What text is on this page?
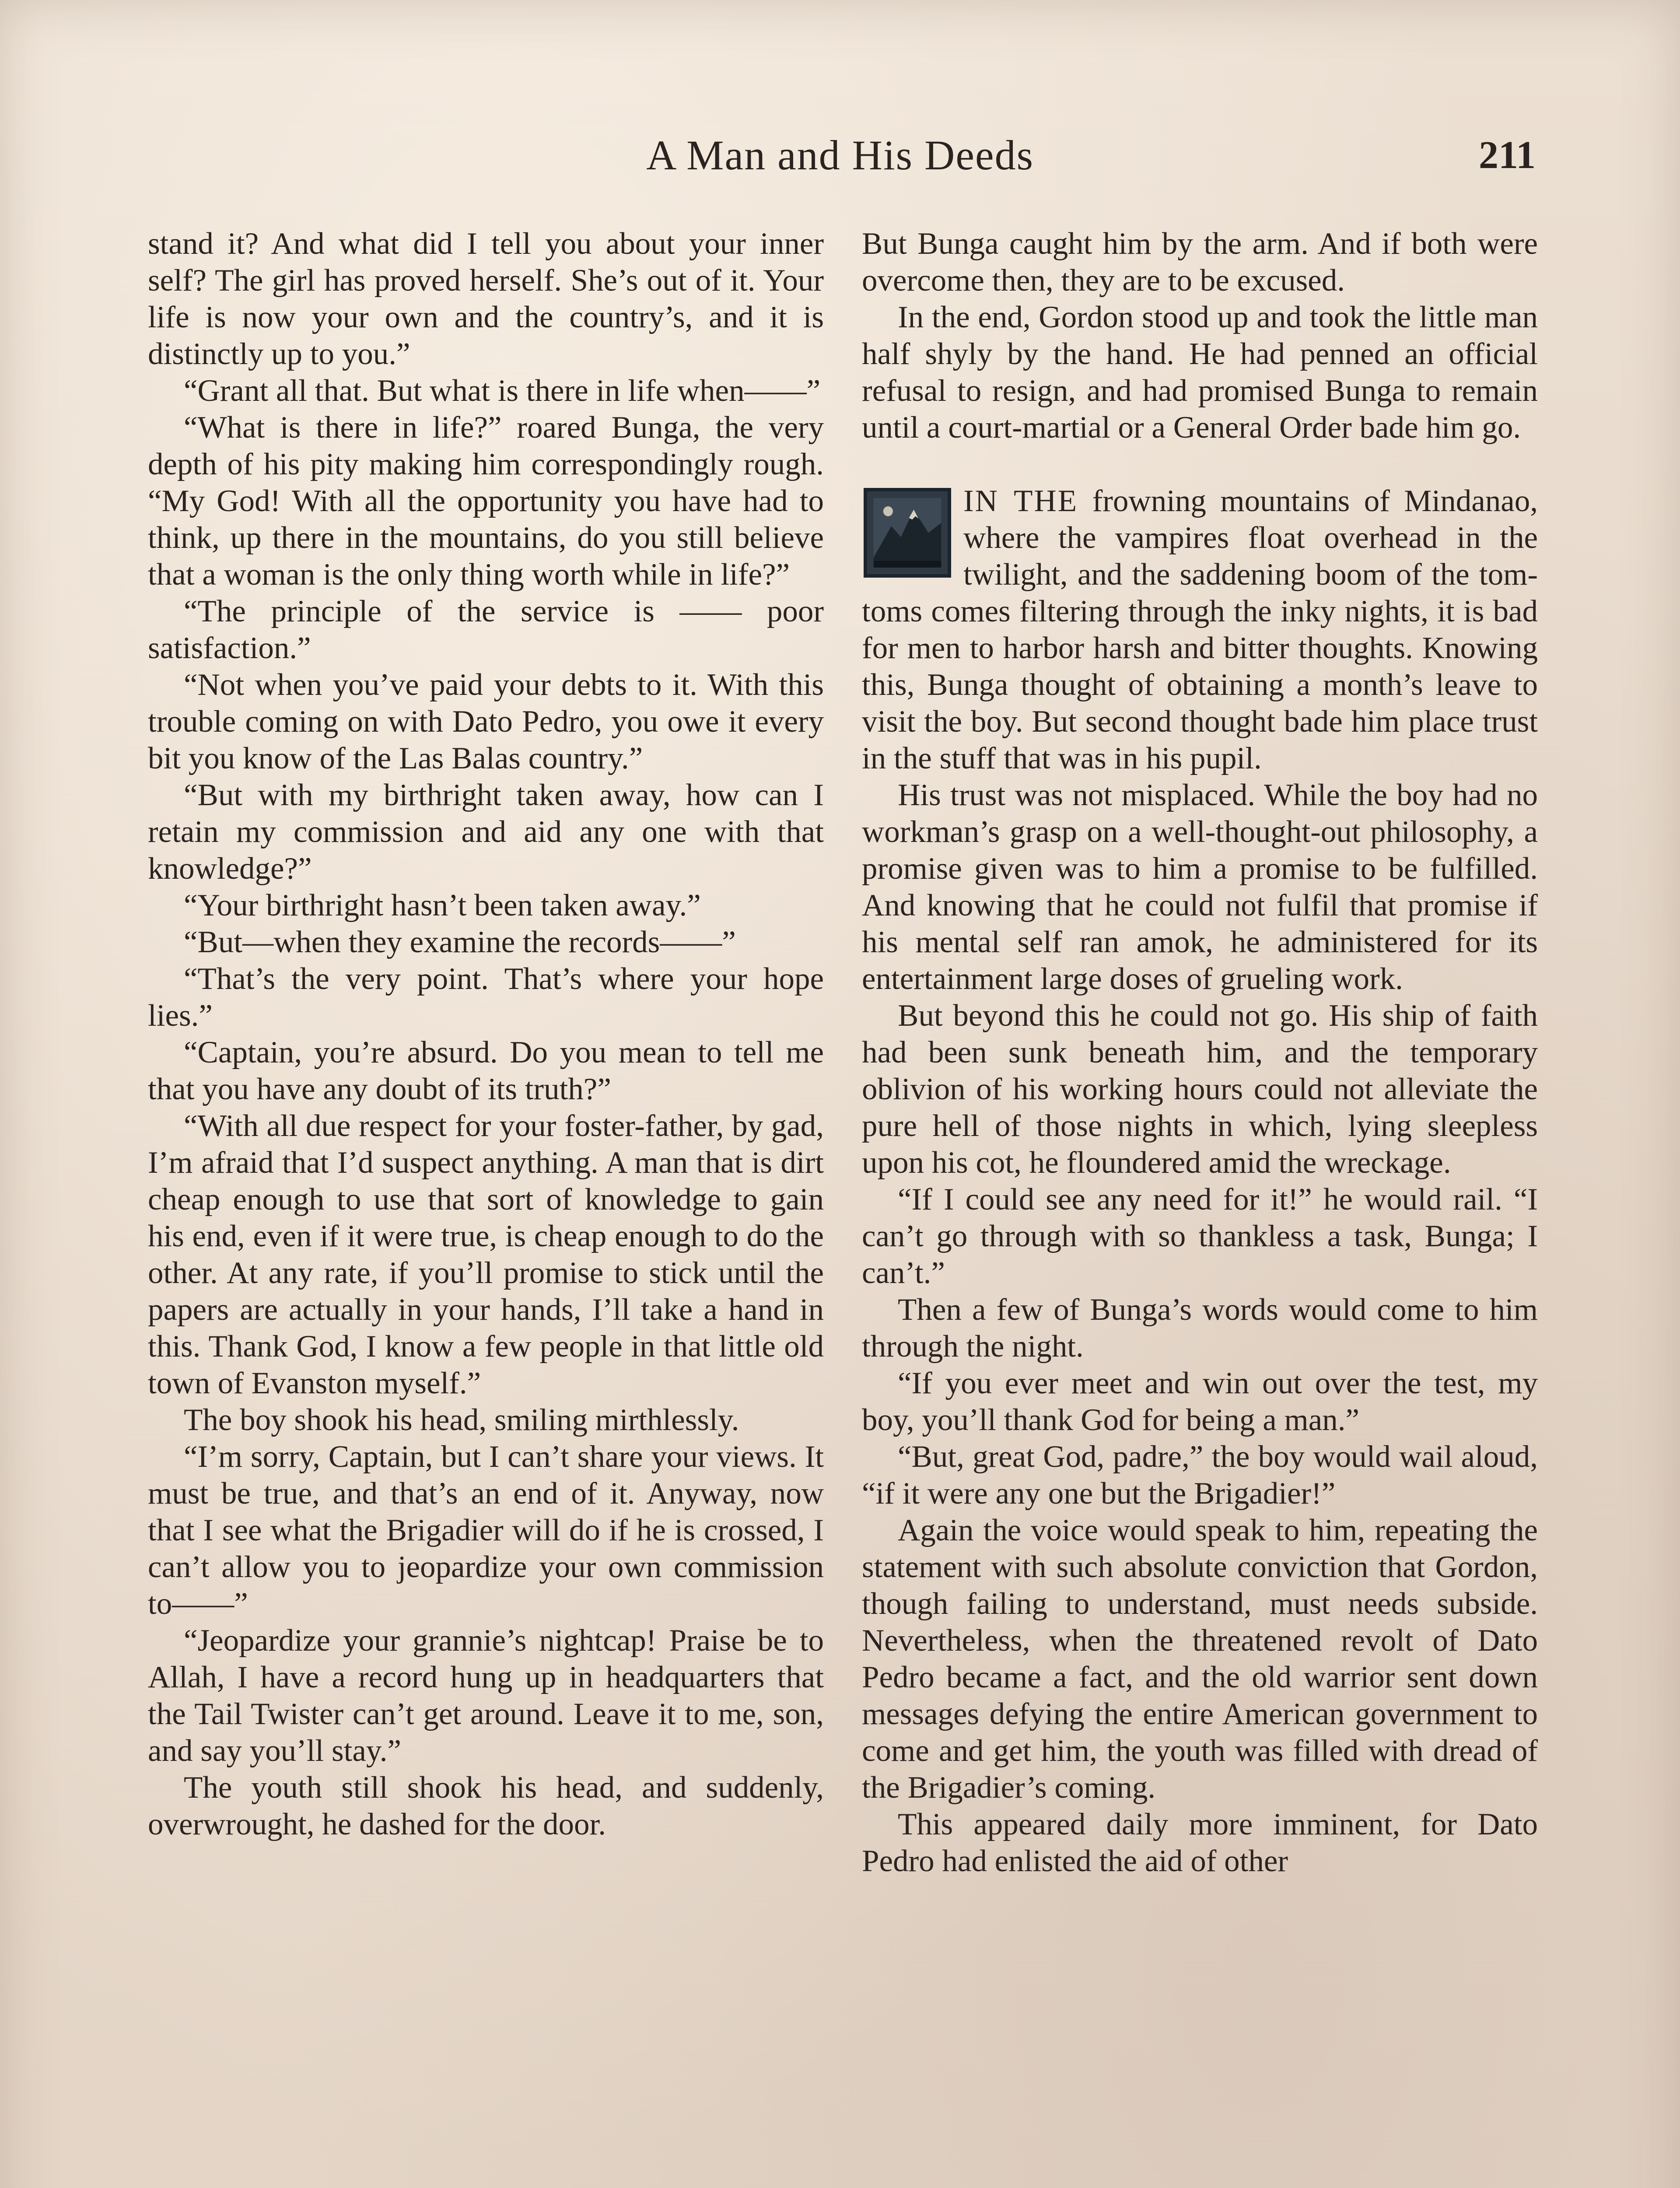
A Man and His Deeds	211

stand it? And what did I tell you about your inner self? The girl has proved herself. She’s out of it. Your life is now your own and the country’s, and it is distinctly up to you.”

“Grant all that. But what is there in life when——”

“What is there in life?” roared Bunga, the very depth of his pity making him correspondingly rough. “My God! With all the opportunity you have had to think, up there in the mountains, do you still believe that a woman is the only thing worth while in life?”

“The principle of the service is —— poor satisfaction.”

“Not when you’ve paid your debts to it. With this trouble coming on with Dato Pedro, you owe it every bit you know of the Las Balas country.”

“But with my birthright taken away, how can I retain my commission and aid any one with that knowledge?”

“Your birthright hasn’t been taken away.”

“But—when they examine the records——”

“That’s the very point. That’s where your hope lies.”

“Captain, you’re absurd. Do you mean to tell me that you have any doubt of its truth?”

“With all due respect for your foster-father, by gad, I’m afraid that I’d suspect anything. A man that is dirt cheap enough to use that sort of knowledge to gain his end, even if it were true, is cheap enough to do the other. At any rate, if you’ll promise to stick until the papers are actually in your hands, I’ll take a hand in this. Thank God, I know a few people in that little old town of Evanston myself.”

The boy shook his head, smiling mirthlessly.

“I’m sorry, Captain, but I can’t share your views. It must be true, and that’s an end of it. Anyway, now that I see what the Brigadier will do if he is crossed, I can’t allow you to jeopardize your own commission to——”

“Jeopardize your grannie’s nightcap! Praise be to Allah, I have a record hung up in headquarters that the Tail Twister can’t get around. Leave it to me, son, and say you’ll stay.”

The youth still shook his head, and suddenly, overwrought, he dashed for the door.

But Bunga caught him by the arm. And if both were overcome then, they are to be excused.

In the end, Gordon stood up and took the little man half shyly by the hand. He had penned an official refusal to resign, and had promised Bunga to remain until a court-martial or a General Order bade him go.

IN THE frowning mountains of Mindanao, where the vampires float overhead in the twilight, and the saddening boom of the tom-toms comes filtering through the inky nights, it is bad for men to harbor harsh and bitter thoughts. Knowing this, Bunga thought of obtaining a month’s leave to visit the boy. But second thought bade him place trust in the stuff that was in his pupil.

His trust was not misplaced. While the boy had no workman’s grasp on a well-thought-out philosophy, a promise given was to him a promise to be fulfilled. And knowing that he could not fulfil that promise if his mental self ran amok, he administered for its entertainment large doses of grueling work.

But beyond this he could not go. His ship of faith had been sunk beneath him, and the temporary oblivion of his working hours could not alleviate the pure hell of those nights in which, lying sleepless upon his cot, he floundered amid the wreckage.

“If I could see any need for it!” he would rail. “I can’t go through with so thankless a task, Bunga; I can’t.”

Then a few of Bunga’s words would come to him through the night.

“If you ever meet and win out over the test, my boy, you’ll thank God for being a man.”

“But, great God, padre,” the boy would wail aloud, “if it were any one but the Brigadier!”

Again the voice would speak to him, repeating the statement with such absolute conviction that Gordon, though failing to understand, must needs subside. Nevertheless, when the threatened revolt of Dato Pedro became a fact, and the old warrior sent down messages defying the entire American government to come and get him, the youth was filled with dread of the Brigadier’s coming.

This appeared daily more imminent, for Dato Pedro had enlisted the aid of other
